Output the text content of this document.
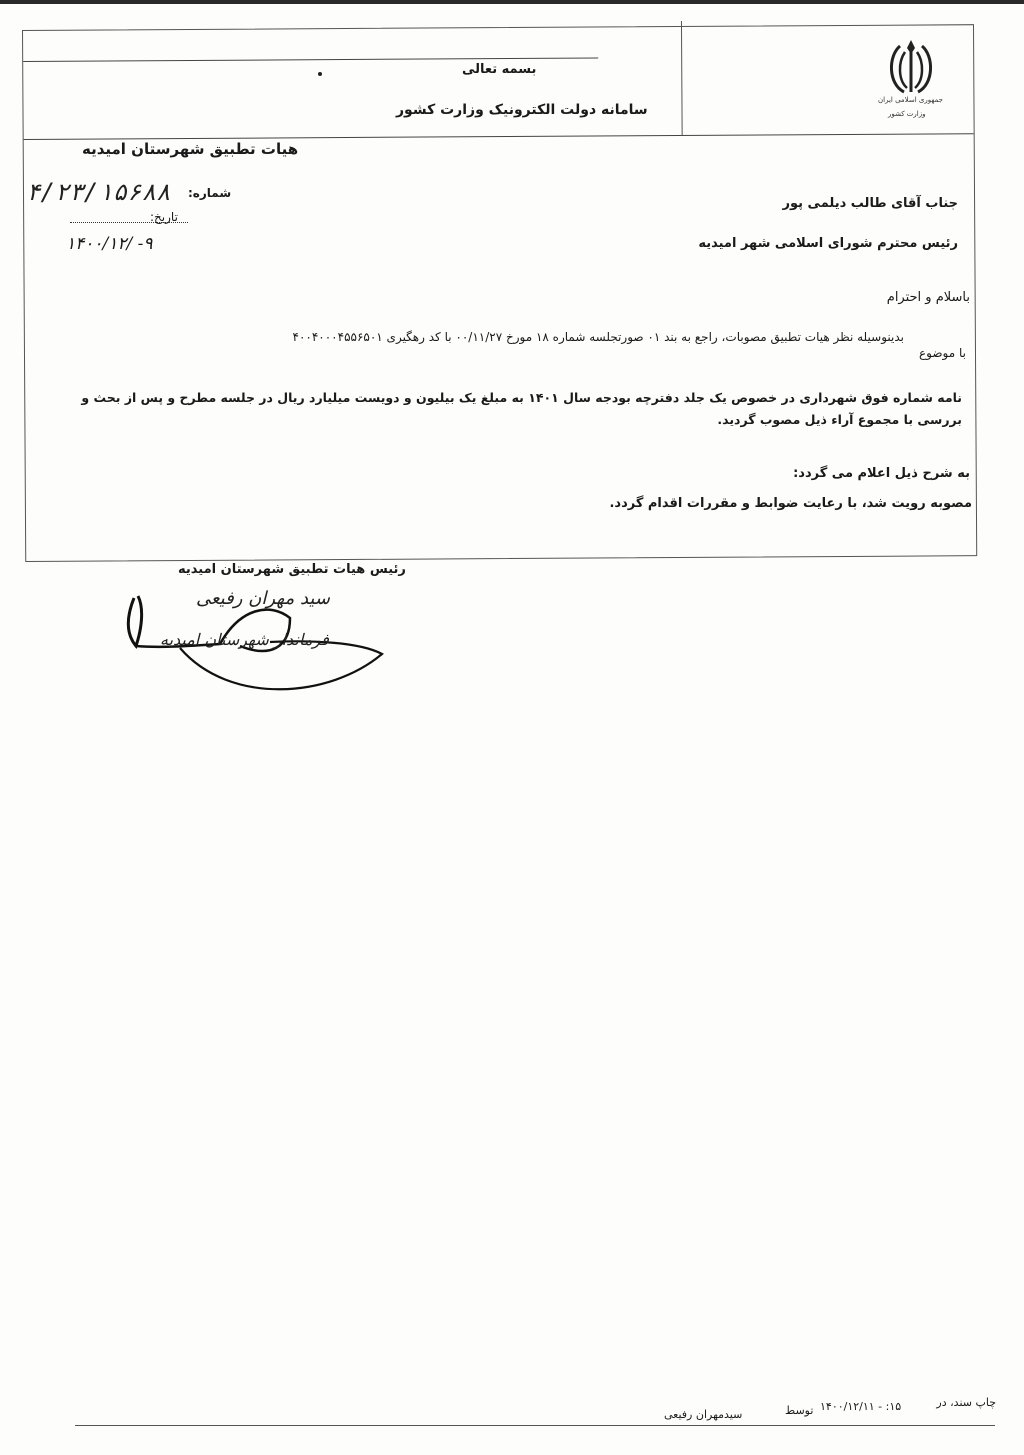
جمهوری اسلامی ایران
وزارت کشور
بسمه تعالی
سامانه دولت الکترونیک وزارت کشور
هیات تطبیق شهرستان امیدیه
شماره:
۴/۲۳/۱۵۶۸۸
تاریخ:
۱۴۰۰/۱۲/ -۹
جناب آقای طالب دیلمی پور
رئیس محترم شورای اسلامی شهر امیدیه
باسلام و احترام
بدینوسیله نظر هیات تطبیق مصوبات، راجع به بند ۰۱ صورتجلسه شماره ۱۸ مورخ ۰۰/۱۱/۲۷ با کد رهگیری ۴۰۰۴۰۰۰۴۵۵۶۵۰۱
با موضوع
نامه شماره فوق شهرداری در خصوص یک جلد دفترچه بودجه سال ۱۴۰۱ به مبلغ یک بیلیون و دویست میلیارد ریال در جلسه مطرح و پس از بحث و
بررسی با مجموع آراء ذیل مصوب گردید.
به شرح ذیل اعلام می گردد:
مصوبه رویت شد، با رعایت ضوابط و مقررات اقدام گردد.
رئیس هیات تطبیق شهرستان امیدیه
سید مهران رفیعی
فرماندار شهرستان امیدیه
چاپ سند، در
۱۵: - ۱۴۰۰/۱۲/۱۱
توسط
سیدمهران رفیعی
